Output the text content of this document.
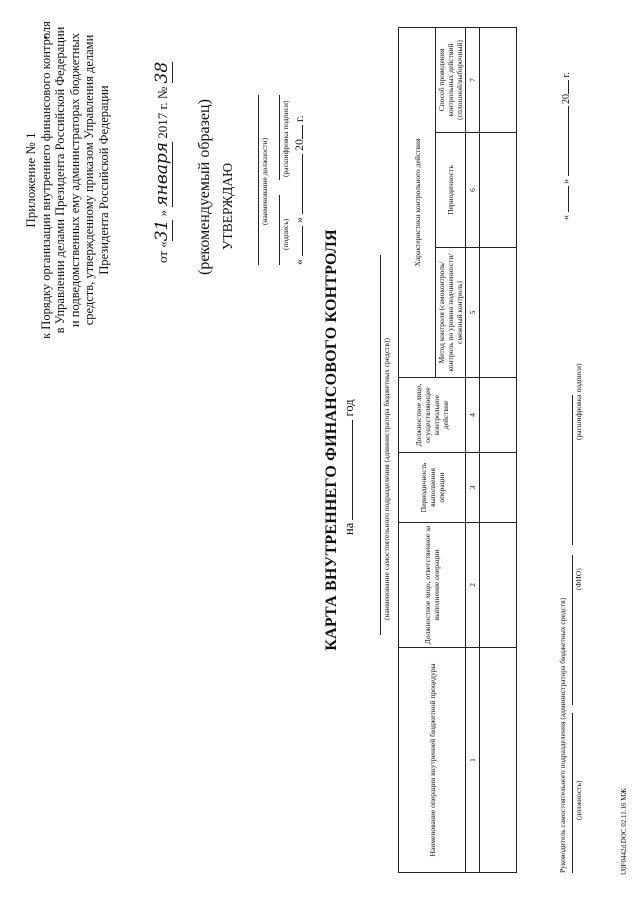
Приложение № 1 к Порядку организации внутреннего финансового контроля в Управлении делами Президента Российской Федерации и подведомственных ему администраторах бюджетных средств, утвержденному приказом Управления делами Президента Российской Федерации	от «31 » января 2017 г. № 38
(рекомендуемый образец) УТВЕРЖДАЮ	(наименование должности)
(подпись)
(расшифровка подписи)
«  »  20 г.
КАРТА ВНУТРЕННЕГО ФИНАНСОВОГО КОНТРОЛЯ на  год	(наименование самостоятельного подразделения (администратора бюджетных средств))
Наименование операции внутренней бюджетной процедуры	Должностное лицо, ответственное за выполнение операции	Периодичность выполнения операции	Должностное лицо, осуществляющее контрольное действие	Характеристики контрольного действия		
				Метод контроля (самоконтроль/контроль по уровню подчиненности/ смежный контроль)	Периодичность	Способ проведения контрольных действий (сплошной/выборочный)
1	2	3	4	5	6	7

Руководитель самостоятельного подразделения (администратора бюджетных средств) (должность)
(ФИО)
(расшифровка подписи)
«  »  20 г.
U0F0442d.DOC 02.11.16 МЖ
